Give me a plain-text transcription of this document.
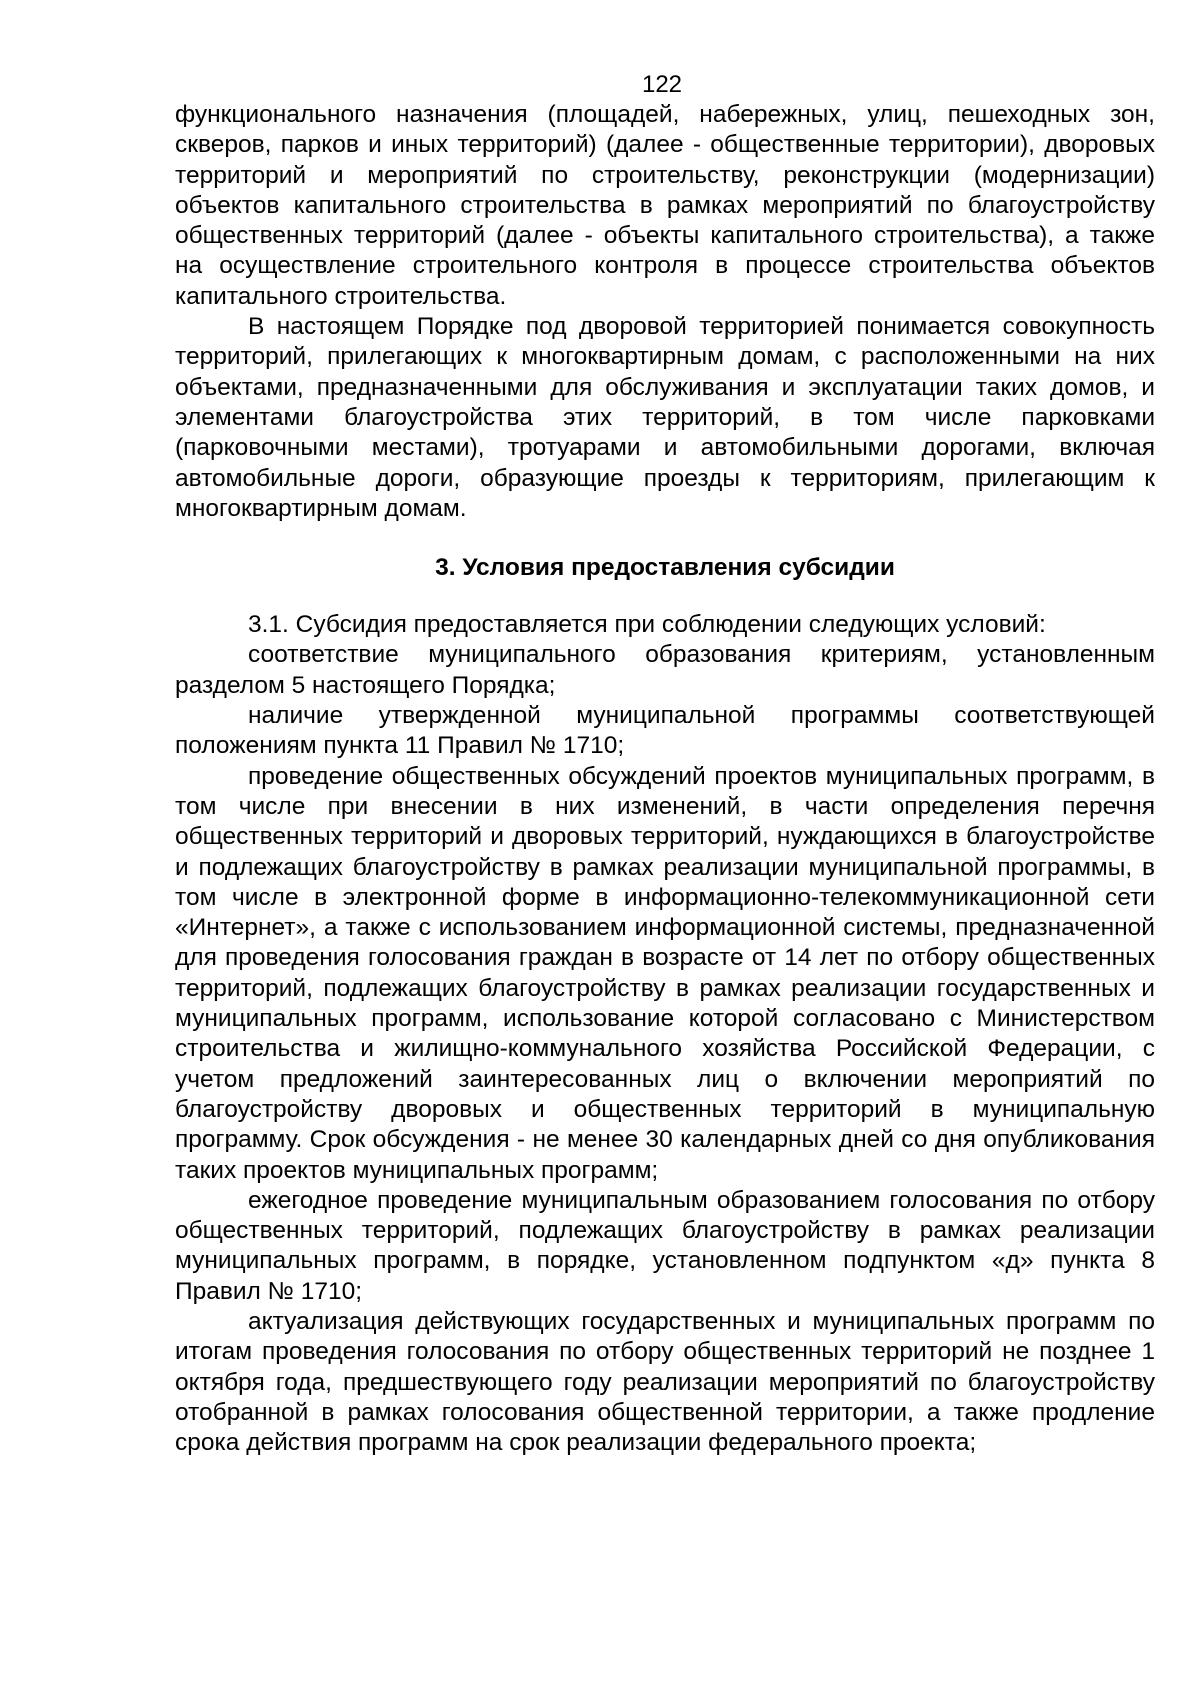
122

функционального назначения (площадей, набережных, улиц, пешеходных зон, скверов, парков и иных территорий) (далее - общественные территории), дворовых территорий и мероприятий по строительству, реконструкции (модернизации) объектов капитального строительства в рамках мероприятий по благоустройству общественных территорий (далее - объекты капитального строительства), а также на осуществление строительного контроля в процессе строительства объектов капитального строительства.

В настоящем Порядке под дворовой территорией понимается совокупность территорий, прилегающих к многоквартирным домам, с расположенными на них объектами, предназначенными для обслуживания и эксплуатации таких домов, и элементами благоустройства этих территорий, в том числе парковками (парковочными местами), тротуарами и автомобильными дорогами, включая автомобильные дороги, образующие проезды к территориям, прилегающим к многоквартирным домам.

3. Условия предоставления субсидии

3.1. Субсидия предоставляется при соблюдении следующих условий:

соответствие муниципального образования критериям, установленным разделом 5 настоящего Порядка;

наличие утвержденной муниципальной программы соответствующей положениям пункта 11 Правил № 1710;

проведение общественных обсуждений проектов муниципальных программ, в том числе при внесении в них изменений, в части определения перечня общественных территорий и дворовых территорий, нуждающихся в благоустройстве и подлежащих благоустройству в рамках реализации муниципальной программы, в том числе в электронной форме в информационно-телекоммуникационной сети «Интернет», а также с использованием информационной системы, предназначенной для проведения голосования граждан в возрасте от 14 лет по отбору общественных территорий, подлежащих благоустройству в рамках реализации государственных и муниципальных программ, использование которой согласовано с Министерством строительства и жилищно-коммунального хозяйства Российской Федерации, с учетом предложений заинтересованных лиц о включении мероприятий по благоустройству дворовых и общественных территорий в муниципальную программу. Срок обсуждения - не менее 30 календарных дней со дня опубликования таких проектов муниципальных программ;

ежегодное проведение муниципальным образованием голосования по отбору общественных территорий, подлежащих благоустройству в рамках реализации муниципальных программ, в порядке, установленном подпунктом «д» пункта 8 Правил № 1710;

актуализация действующих государственных и муниципальных программ по итогам проведения голосования по отбору общественных территорий не позднее 1 октября года, предшествующего году реализации мероприятий по благоустройству отобранной в рамках голосования общественной территории, а также продление срока действия программ на срок реализации федерального проекта;
